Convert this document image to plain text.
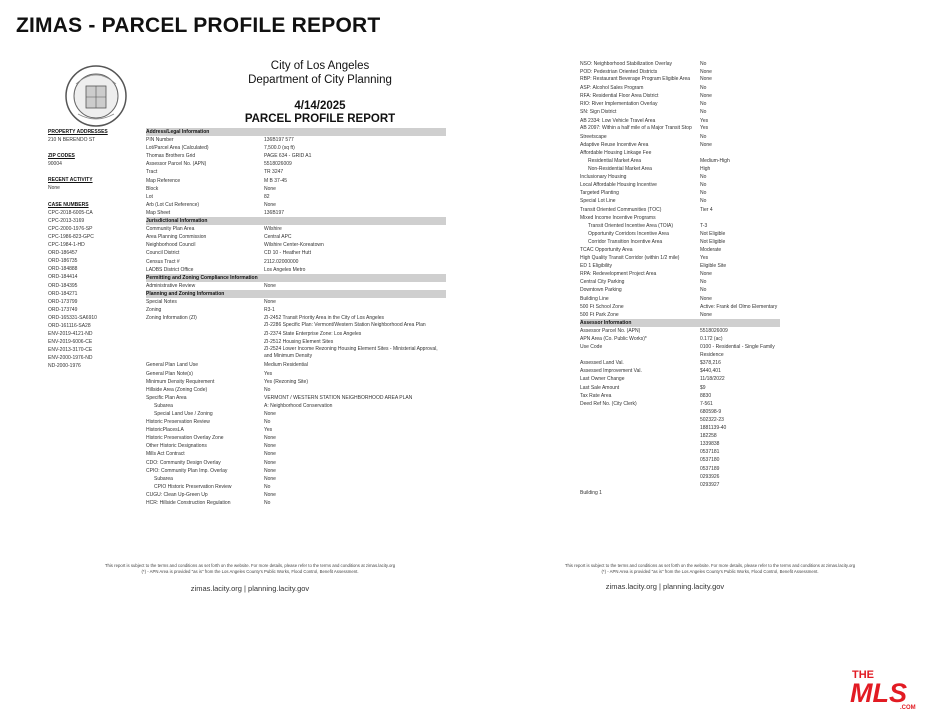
ZIMAS - PARCEL PROFILE REPORT
City of Los Angeles
Department of City Planning
4/14/2025
PARCEL PROFILE REPORT
PROPERTY ADDRESSES
210 N BERENDO ST
ZIP CODES
90004
RECENT ACTIVITY
None
CASE NUMBERS
CPC-2018-6005-CA
CPC-2013-3169
CPC-2000-1976-SP
CPC-1986-823-GPC
CPC-1984-1-HD
ORD-186457
ORD-186735
ORD-184888
ORD-184414
ORD-184395
ORD-184271
ORD-173799
ORD-173749
ORD-165331-SA6910
ORD-161116-SA28
ENV-2019-4121-ND
ENV-2019-6006-CE
ENV-2013-3170-CE
ENV-2000-1976-ND
ND-2000-1976
Address/Legal Information
PIN Number	136B197 577
Lot/Parcel Area (Calculated)	7,500.0 (sq ft)
Thomas Brothers Grid	PAGE 634 - GRID A1
Assessor Parcel No. (APN)	5518026009
Tract	TR 3247
Map Reference	M B 37-45
Block	None
Lot	82
Arb (Lot Cut Reference)	None
Map Sheet	136B197
Jurisdictional Information
Community Plan Area	Wilshire
Area Planning Commission	Central APC
Neighborhood Council	Wilshire Center-Koreatown
Council District	CD 10 - Heather Hutt
Census Tract #	2112.02000000
LADBS District Office	Los Angeles Metro
Permitting and Zoning Compliance Information
Administrative Review	None
Planning and Zoning Information
Special Notes	None
Zoning	R3-1
Zoning Information (ZI)	ZI-2452 Transit Priority Area in the City of Los Angeles
ZI-2286 Specific Plan: Vermont/Western Station Neighborhood Area Plan
ZI-2374 State Enterprise Zone: Los Angeles
ZI-2512 Housing Element Sites
ZI-2524 Lower Income Rezoning Housing Element Sites - Ministerial Approval, and Minimum Density
General Plan Land Use	Medium Residential
General Plan Note(s)	Yes
Minimum Density Requirement	Yes (Rezoning Site)
Hillside Area (Zoning Code)	No
Specific Plan Area	VERMONT / WESTERN STATION NEIGHBORHOOD AREA PLAN
Subarea	A: Neighborhood Conservation
Special Land Use / Zoning	None
Historic Preservation Review	No
HistoricPlacesLA	Yes
Historic Preservation Overlay Zone	None
Other Historic Designations	None
Mills Act Contract	None
CDO: Community Design Overlay	None
CPIO: Community Plan Imp. Overlay	None
Subarea	None
CPIO Historic Preservation Review	No
CUGU: Clean Up-Green Up	None
HCR: Hillside Construction Regulation	No
This report is subject to the terms and conditions as set forth on the website. For more details, please refer to the terms and conditions at zimas.lacity.org
(*) - APN Area is provided "as is" from the Los Angeles County's Public Works, Flood Control, Benefit Assessment.
zimas.lacity.org | planning.lacity.gov
NSO: Neighborhood Stabilization Overlay	No
POD: Pedestrian Oriented Districts	None
RBP: Restaurant Beverage Program Eligible Area	None
ASP: Alcohol Sales Program	No
RFA: Residential Floor Area District	None
RIO: River Implementation Overlay	No
SN: Sign District	No
AB 2334: Low Vehicle Travel Area	Yes
AB 2097: Within a half mile of a Major Transit Stop	Yes
Streetscape	No
Adaptive Reuse Incentive Area	None
Affordable Housing Linkage Fee
Residential Market Area	Medium-High
Non-Residential Market Area	High
Inclusionary Housing	No
Local Affordable Housing Incentive	No
Targeted Planting	No
Special Lot Line	No
Transit Oriented Communities (TOC)	Tier 4
Mixed Income Incentive Programs
Transit Oriented Incentive Area (TOIA)	T-3
Opportunity Corridors Incentive Area	Not Eligible
Corridor Transition Incentive Area	Not Eligible
TCAC Opportunity Area	Moderate
High Quality Transit Corridor (within 1/2 mile)	Yes
ED 1 Eligibility	Eligible Site
RPA: Redevelopment Project Area	None
Central City Parking	No
Downtown Parking	No
Building Line	None
500 Ft School Zone	Active: Frank del Olmo Elementary
500 Ft Park Zone	None
Assessor Information
Assessor Parcel No. (APN)	5518026009
APN Area (Co. Public Works)*	0.172 (ac)
Use Code	0100 - Residential - Single Family Residence
Assessed Land Val.	$378,216
Assessed Improvement Val.	$440,401
Last Owner Change	11/18/2022
Last Sale Amount	$9
Tax Rate Area	8830
Deed Ref No. (City Clerk)	7-561
680598-9
502322-23
1881139-40
182258
1339838
0537181
0537180
0537189
0293926
0293927
Building 1
This report is subject to the terms and conditions as set forth on the website. For more details, please refer to the terms and conditions at zimas.lacity.org
(*) - APN Area is provided "as is" from the Los Angeles County's Public Works, Flood Control, Benefit Assessment.
zimas.lacity.org | planning.lacity.gov
THE
MLS
.COM
